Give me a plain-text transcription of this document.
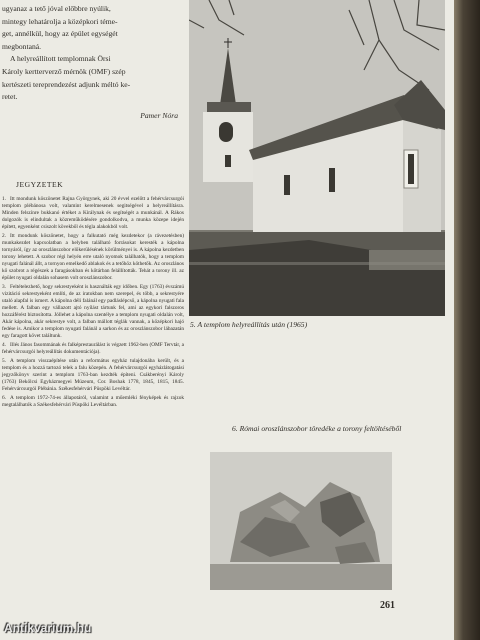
ugyanaz a tető jóval előbbre nyúlik,
mintegy lehatárolja a középkori téme-
get, annélkül, hogy az épület egységét
megbontaná.
A helyreállított templomnak Örsi
Károly kertterverző mérnök (OMF) szép
kertészeti tereprendezést adjunk méltó ke-
retet.
Pamer Nóra
JEGYZETEK
1. Itt mondunk köszönetet Rajna Györgynek, aki 20 évvel ezelőtt a fehérvárcsurgói templom plébánosa volt, valamint kerelmesenek segitségével a helyreállításra. Minden felszínre bukkanó értéket a Királynak és segítségét a munkánál. A Rákos dolgozók is elindultak a közreműködésére gondolkodva, a munka közepe idején épített, egyenként csiszolt kövekből és tégla alakokból volt.
2. Itt mondunk köszönetet, hogy a falkutató még kezdetekor (a rávezetésben) munkakezdet kapcsolatban a helyben található forrásokat keresték a kápolna tornyáról, így az oroszlánszobor előkerülésének körülményei is. A kápolna kezdetben torony lehetett. A szobor régi helyén erre utaló nyomok találhatók, hogy a templom nyugati falánál állt, a tornyon emelkedő ablakok és a tetőhöz köthetők. Az oroszlános kő szobrot a régészek a faragásokban és kőtárban felállították. Tehát a torony ill. az épület nyugati oldalán sohasem volt oroszlánszobor.
3. Feltételezhető, hogy sekrestyeként is használták egy időben. Egy (1763) évszámú vizitáció sekrestyeként említi, de az iratokban nem szerepel, és több, a sekrestyére utaló alapfal is ismert. A kápolna déli falánál egy padláslépcső, a kápolna nyugati fala mellett. A falban egy vállazott ajtó nyílást tártunk fel, ami az egykori falszoros hozzáférést biztosította. Jóllehet a kápolna szentélye a templom nyugati oldalán volt, Akár kápolna, akár sekrestye volt, a falban mállott téglák vannak, a középkori hajó fedése is. Amikor a templom nyugati falánál a sarkon és az oroszlánszobor lábazatán egy faragott követ találtunk.
4. Illés János fasommának és falképrestaurálást is végzett 1962-ben (OMF Tervtár, a fehérvárcsurgói helyreállítás dokumentációja).
5. A templom visszaépítése után a református egyház tulajdonába került, és a templom és a hozzá tartozó telek a falu közepén. A fehérvárcsurgói egyházlátogatási jegyzőkönyv szerint a templom 1763-ban kezdték építeni. Csákberényi Károly (1763) Bekölcsi Egyházmegyei Múzeum, Cor. Boshak 1778, 1845, 1815, 1845. Fehérvárcsurgói Plébánia. Székesfehérvári Püspöki Levéltár.
6. A templom 1972-74-es állapotáról, valamint a műemléki fényképek és rajzok megtalálhatók a Székesfehérvári Püspöki Levéltárban.
5. A templom helyreállítás után (1965)
6. Római oroszlánszobor töredéke a torony feltöltéséből
261
Antikvarium.hu
